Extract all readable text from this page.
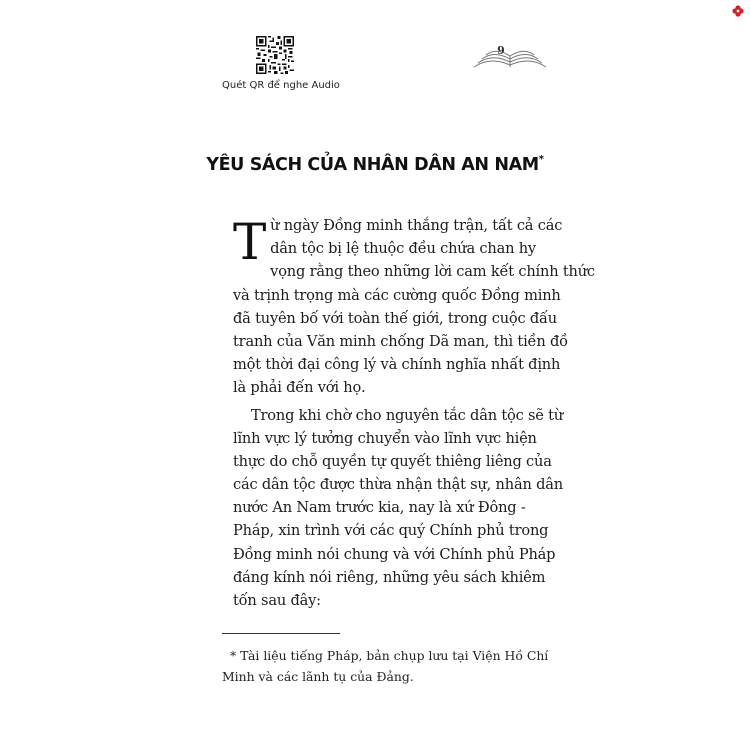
Quét QR để nghe Audio
9
YÊU SÁCH CỦA NHÂN DÂN AN NAM*
T ừ ngày Đồng minh thắng trận, tất cả các
dân tộc bị lệ thuộc đều chứa chan hy
vọng rằng theo những lời cam kết chính thức
và trịnh trọng mà các cường quốc Đồng minh
đã tuyên bố với toàn thế giới, trong cuộc đấu
tranh của Văn minh chống Dã man, thì tiền đồ
một thời đại công lý và chính nghĩa nhất định
là phải đến với họ.
Trong khi chờ cho nguyên tắc dân tộc sẽ từ
lĩnh vực lý tưởng chuyển vào lĩnh vực hiện
thực do chỗ quyền tự quyết thiêng liêng của
các dân tộc được thừa nhận thật sự, nhân dân
nước An Nam trước kia, nay là xứ Đông -
Pháp, xin trình với các quý Chính phủ trong
Đồng minh nói chung và với Chính phủ Pháp
đáng kính nói riêng, những yêu sách khiêm
tốn sau đây:
* Tài liệu tiếng Pháp, bản chụp lưu tại Viện Hồ Chí
Minh và các lãnh tụ của Đảng.
